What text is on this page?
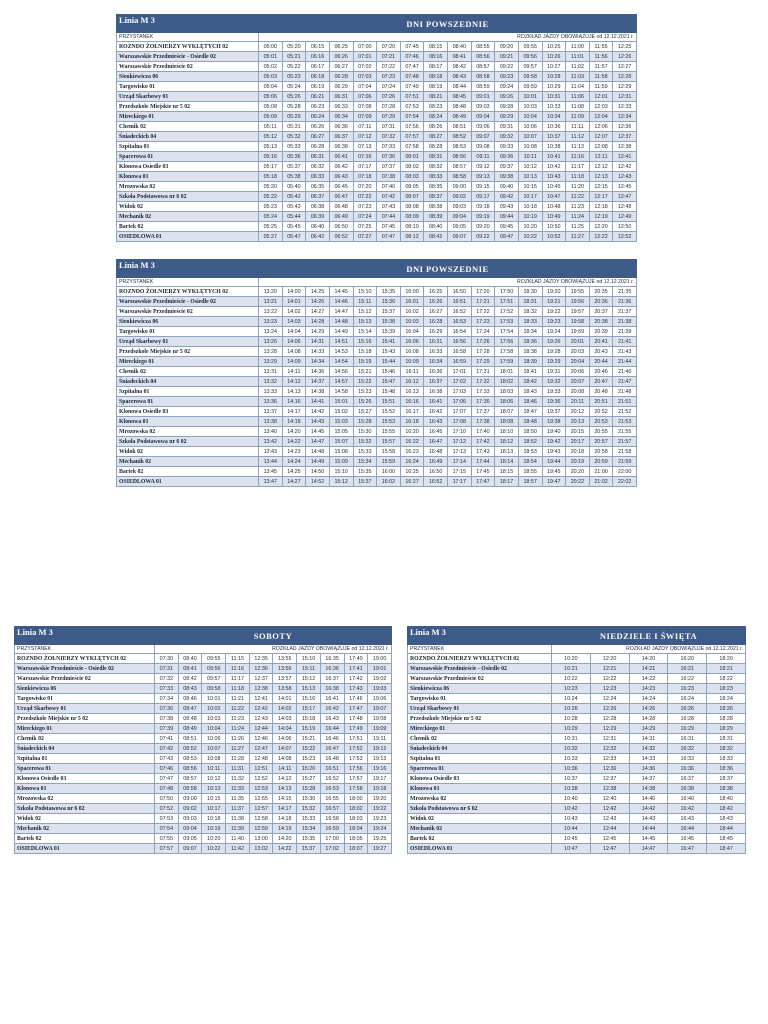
Linia M 3	DNI POWSZEDNIE															
PRZYSTANEK	ROZKŁAD JAZDY OBOWIĄZUJE od 12.12.2021 r.															
ROZNDO ŻOŁNIERZY WYKLĘTYCH 02	05:00	05:20	06:15	06:25	07:00	07:20	07:45	08:15	08:40	08:55	09:20	09:55	10:25	11:00	11:55	12:25
Warszawskie Przedmieście - Osiedle 02	05:01	05:21	06:16	06:26	07:01	07:21	07:46	08:16	08:41	08:56	09:21	09:56	10:26	11:01	11:56	12:26
Warszawskie Przedmieście 02	05:02	05:22	06:17	06:27	07:02	07:22	07:47	08:17	08:42	08:57	09:22	09:57	10:27	11:02	11:57	12:27
Sienkiewicza 06	05:03	05:23	06:18	06:28	07:03	07:23	07:48	08:18	08:43	08:58	09:23	09:58	10:28	11:03	11:58	12:28
Targowisko 01	05:04	05:24	06:19	06:29	07:04	07:24	07:49	08:19	08:44	08:59	09:24	09:59	10:29	11:04	11:59	12:29
Urząd Skarbowy 01	05:06	05:26	06:21	06:31	07:06	07:26	07:51	08:21	08:45	09:01	09:26	10:01	10:31	11:06	12:01	12:31
Przedszkole Miejskie nr 5 02	05:08	05:28	06:23	06:33	07:08	07:28	07:53	08:23	08:48	09:03	09:28	10:03	10:33	11:08	12:03	12:33
Mireckiego 01	05:09	05:29	06:24	06:34	07:09	07:29	07:54	08:24	08:49	09:04	09:29	10:04	10:34	11:09	12:04	12:34
Chemik 02	05:11	05:31	06:26	06:36	07:11	07:31	07:56	08:26	08:51	09:06	09:31	10:06	10:36	11:11	12:06	12:36
Śniadeckich 04	05:12	05:32	06:27	06:37	07:12	07:32	07:57	08:27	08:52	09:07	09:32	10:07	10:37	11:12	12:07	12:37
Szpitalna 01	05:13	05:33	06:28	06:38	07:13	07:33	07:58	08:28	08:53	09:08	09:33	10:08	10:38	11:13	12:08	12:38
Spacerowa 01	05:16	05:36	06:31	06:41	07:16	07:36	08:01	08:31	08:56	09:11	09:36	10:11	10:41	11:16	12:11	12:41
Klonowa Osiedle 03	05:17	05:37	06:32	06:42	07:17	07:37	08:02	08:32	08:57	09:12	09:37	10:12	10:42	11:17	12:12	12:42
Klonowa 01	05:18	05:38	06:33	06:43	07:18	07:38	08:03	08:33	08:58	09:13	09:38	10:13	10:43	11:18	12:13	12:43
Mrozowska 02	05:20	05:40	06:35	06:45	07:20	07:40	08:05	08:35	09:00	09:15	09:40	10:15	10:45	11:20	12:15	12:45
Szkoła Podstawowa nr 6 02	05:22	05:42	06:37	06:47	07:22	07:42	08:07	08:37	09:02	09:17	09:42	10:17	10:47	11:22	12:17	12:47
Widok 02	05:23	05:43	06:38	06:48	07:23	07:43	08:08	08:38	09:03	09:18	09:43	10:18	10:48	11:23	12:18	12:48
Mechanik 02	05:24	05:44	06:39	06:49	07:24	07:44	08:09	08:39	09:04	09:19	09:44	10:19	10:49	11:24	12:19	12:49
Bartek 02	05:25	05:45	06:40	06:50	07:25	07:45	08:10	08:40	09:05	09:20	09:45	10:20	10:50	11:25	12:20	12:50
OSIEDLOWA 01	05:27	05:47	06:42	06:52	07:27	07:47	08:12	08:42	09:07	09:22	09:47	10:22	10:52	11:27	12:22	12:52
Linia M 3	DNI POWSZEDNIE															
PRZYSTANEK	ROZKŁAD JAZDY OBOWIĄZUJE od 12.12.2021 r.															
ROZNDO ŻOŁNIERZY WYKLĘTYCH 02	13:20	14:00	14:25	14:45	15:10	15:35	16:00	16:25	16:50	17:20	17:50	18:30	19:20	19:55	20:35	21:35
Warszawskie Przedmieście - Osiedle 02	13:21	14:01	14:26	14:46	15:11	15:36	16:01	16:26	16:51	17:21	17:51	18:31	19:21	19:56	20:36	21:36
Warszawskie Przedmieście 02	13:22	14:02	14:27	14:47	15:12	15:37	16:02	16:27	16:52	17:22	17:52	18:32	19:22	19:57	20:37	21:37
Sienkiewicza 06	13:23	14:03	14:28	14:48	15:13	15:38	16:03	16:28	16:53	17:23	17:53	18:33	19:23	19:58	20:38	21:38
Targowisko 01	13:24	14:04	14:29	14:49	15:14	15:39	16:04	16:29	16:54	17:24	17:54	18:34	19:24	19:59	20:39	21:39
Urząd Skarbowy 01	13:26	14:06	14:31	14:51	15:16	15:41	16:06	16:31	16:56	17:26	17:56	18:36	19:26	20:01	20:41	21:41
Przedszkole Miejskie nr 5 02	13:28	14:08	14:33	14:53	15:18	15:43	16:08	16:33	16:58	17:28	17:58	18:38	19:28	20:03	20:43	21:43
Mireckiego 01	13:29	14:09	14:34	14:54	15:19	15:44	16:09	16:34	16:59	17:29	17:59	18:39	19:29	20:04	20:44	21:44
Chemik 02	13:31	14:11	14:36	14:56	15:21	15:46	16:11	16:36	17:01	17:31	18:01	18:41	19:31	20:06	20:46	21:46
Śniadeckich 04	13:32	14:12	14:37	14:57	15:22	15:47	16:12	16:37	17:02	17:32	18:02	18:42	19:32	20:07	20:47	21:47
Szpitalna 01	13:33	14:13	14:38	14:58	15:23	15:48	16:13	16:38	17:03	17:33	18:03	18:43	19:33	20:08	20:48	21:48
Spacerowa 01	13:36	14:16	14:41	15:01	15:26	15:51	16:16	16:41	17:06	17:36	18:06	18:46	19:36	20:11	20:51	21:51
Klonowa Osiedle 03	13:37	14:17	14:42	15:02	15:27	15:52	16:17	16:42	17:07	17:37	18:07	18:47	19:37	20:12	20:52	21:52
Klonowa 01	13:38	14:18	14:43	15:03	15:28	15:53	16:18	16:43	17:08	17:38	18:08	18:48	19:38	20:13	20:53	21:53
Mrozowska 02	13:40	14:20	14:45	15:05	15:30	15:55	16:20	16:45	17:10	17:40	18:10	18:50	19:40	20:15	20:55	21:55
Szkoła Podstawowa nr 6 02	13:42	14:22	14:47	15:07	15:32	15:57	16:22	16:47	17:12	17:42	18:12	18:52	19:42	20:17	20:57	21:57
Widok 02	13:43	14:23	14:48	15:08	15:33	15:58	16:23	16:48	17:13	17:43	18:13	18:53	19:43	20:18	20:58	21:58
Mechanik 02	13:44	14:24	14:49	15:09	15:34	15:59	16:24	16:49	17:14	17:44	18:14	18:54	19:44	20:19	20:59	21:59
Bartek 02	13:45	14:25	14:50	15:10	15:35	16:00	16:25	16:50	17:15	17:45	18:15	18:55	19:45	20:20	21:00	22:00
OSIEDLOWA 01	13:47	14:27	14:52	15:12	15:37	16:02	16:27	16:52	17:17	17:47	18:17	18:57	19:47	20:22	21:02	22:02
Linia M 3	SOBOTY									
PRZYSTANEK	ROZKŁAD JAZDY OBOWIĄZUJE od 12.12.2021 r.									
ROZNDO ŻOŁNIERZY WYKLĘTYCH 02	07:30	08:40	09:55	11:15	12:35	13:55	15:10	16:35	17:40	19:00
Warszawskie Przedmieście - Osiedle 02	07:31	08:41	09:56	11:16	12:36	13:56	15:11	16:36	17:41	19:01
Warszawskie Przedmieście 02	07:32	08:42	09:57	11:17	12:37	13:57	15:12	16:37	17:42	19:02
Sienkiewicza 06	07:33	08:43	09:58	11:18	12:38	13:58	15:13	16:38	17:43	19:03
Targowisko 01	07:34	08:46	10:01	11:21	12:41	14:01	15:16	16:41	17:46	19:06
Urząd Skarbowy 01	07:36	08:47	10:02	11:22	12:42	14:02	15:17	16:42	17:47	19:07
Przedszkole Miejskie nr 5 02	07:38	08:48	10:03	11:23	12:43	14:03	15:18	16:43	17:48	19:08
Mireckiego 01	07:39	08:49	10:04	11:24	12:44	14:04	15:19	16:44	17:49	19:09
Chemik 02	07:41	08:51	10:06	11:26	12:46	14:06	15:21	16:46	17:51	19:11
Śniadeckich 04	07:42	08:52	10:07	11:27	12:47	14:07	15:22	16:47	17:52	19:12
Szpitalna 01	07:43	08:53	10:08	11:28	12:48	14:08	15:23	16:48	17:53	19:13
Spacerowa 01	07:46	08:56	10:11	11:31	12:51	14:11	15:26	16:51	17:56	19:16
Klonowa Osiedle 03	07:47	08:57	10:12	11:32	12:52	14:12	15:27	16:52	17:57	19:17
Klonowa 01	07:48	08:58	10:13	11:33	12:53	14:13	15:28	16:53	17:58	19:18
Mrozowska 02	07:50	09:00	10:15	11:35	12:55	14:15	15:30	16:55	18:00	19:20
Szkoła Podstawowa nr 6 02	07:52	09:02	10:17	11:37	12:57	14:17	15:32	16:57	18:02	19:22
Widok 02	07:53	09:03	10:18	11:38	12:58	14:18	15:33	16:58	18:03	19:23
Mechanik 02	07:54	09:04	10:19	11:39	12:59	14:19	15:34	16:59	18:04	19:24
Bartek 02	07:55	09:05	10:20	11:40	13:00	14:20	15:35	17:00	18:05	19:25
OSIEDLOWA 01	07:57	09:07	10:22	11:42	13:02	14:22	15:37	17:02	18:07	19:27
Linia M 3	NIEDZIELE I ŚWIĘTA				
PRZYSTANEK	ROZKŁAD JAZDY OBOWIĄZUJE od 12.12.2021 r.				
ROZNDO ŻOŁNIERZY WYKLĘTYCH 02	10:20	12:20	14:20	16:20	18:20
Warszawskie Przedmieście - Osiedle 02	10:21	12:21	14:21	16:21	18:21
Warszawskie Przedmieście 02	10:22	12:22	14:22	16:22	18:22
Sienkiewicza 06	10:23	12:23	14:23	16:23	18:23
Targowisko 01	10:24	12:24	14:24	16:24	18:24
Urząd Skarbowy 01	10:26	12:26	14:26	16:26	18:26
Przedszkole Miejskie nr 5 02	10:28	12:28	14:28	16:28	18:28
Mireckiego 01	10:29	12:29	14:29	16:29	18:29
Chemik 02	10:31	12:31	14:31	16:31	18:31
Śniadeckich 04	10:32	12:32	14:32	16:32	18:32
Szpitalna 01	10:33	12:33	14:33	16:33	18:33
Spacerowa 01	10:36	12:36	14:36	16:36	18:36
Klonowa Osiedle 03	10:37	12:37	14:37	16:37	18:37
Klonowa 01	10:38	12:38	14:38	16:38	18:38
Mrozowska 02	10:40	12:40	14:40	16:40	18:40
Szkoła Podstawowa nr 6 02	10:42	12:42	14:42	16:42	18:42
Widok 02	10:43	12:43	14:43	16:43	18:43
Mechanik 02	10:44	12:44	14:44	16:44	18:44
Bartek 02	10:45	12:45	14:45	16:45	18:45
OSIEDLOWA 01	10:47	12:47	14:47	16:47	18:47
